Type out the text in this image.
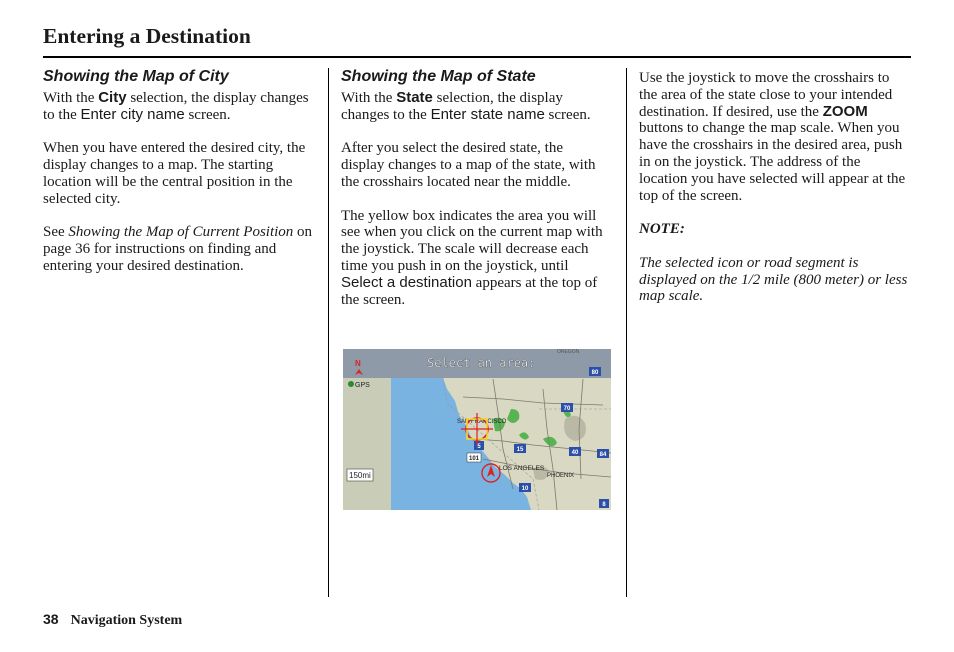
Entering a Destination
Showing the Map of City

With the City selection, the display changes to the Enter city name screen.

When you have entered the desired city, the display changes to a map. The starting location will be the central position in the selected city.

See Showing the Map of Current Position on page 36 for instructions on finding and entering your desired destination.

Showing the Map of State

With the State selection, the display changes to the Enter state name screen.

After you select the desired state, the display changes to a map of the state, with the crosshairs located near the middle.

The yellow box indicates the area you will see when you click on the current map with the joystick. The scale will decrease each time you push in on the joystick, until Select a destination appears at the top of the screen.

Select an area:
N
GPS
150mi
OREGON
SAN FRANCISCO
LOS ANGELES
PHOENIX
80
70
15
5
40
101
10
84
8

Use the joystick to move the crosshairs to the area of the state close to your intended destination. If desired, use the ZOOM buttons to change the map scale. When you have the crosshairs in the desired area, push in on the joystick. The address of the location you have selected will appear at the top of the screen.

NOTE:

The selected icon or road segment is displayed on the 1/2 mile (800 meter) or less map scale.

38 Navigation System
